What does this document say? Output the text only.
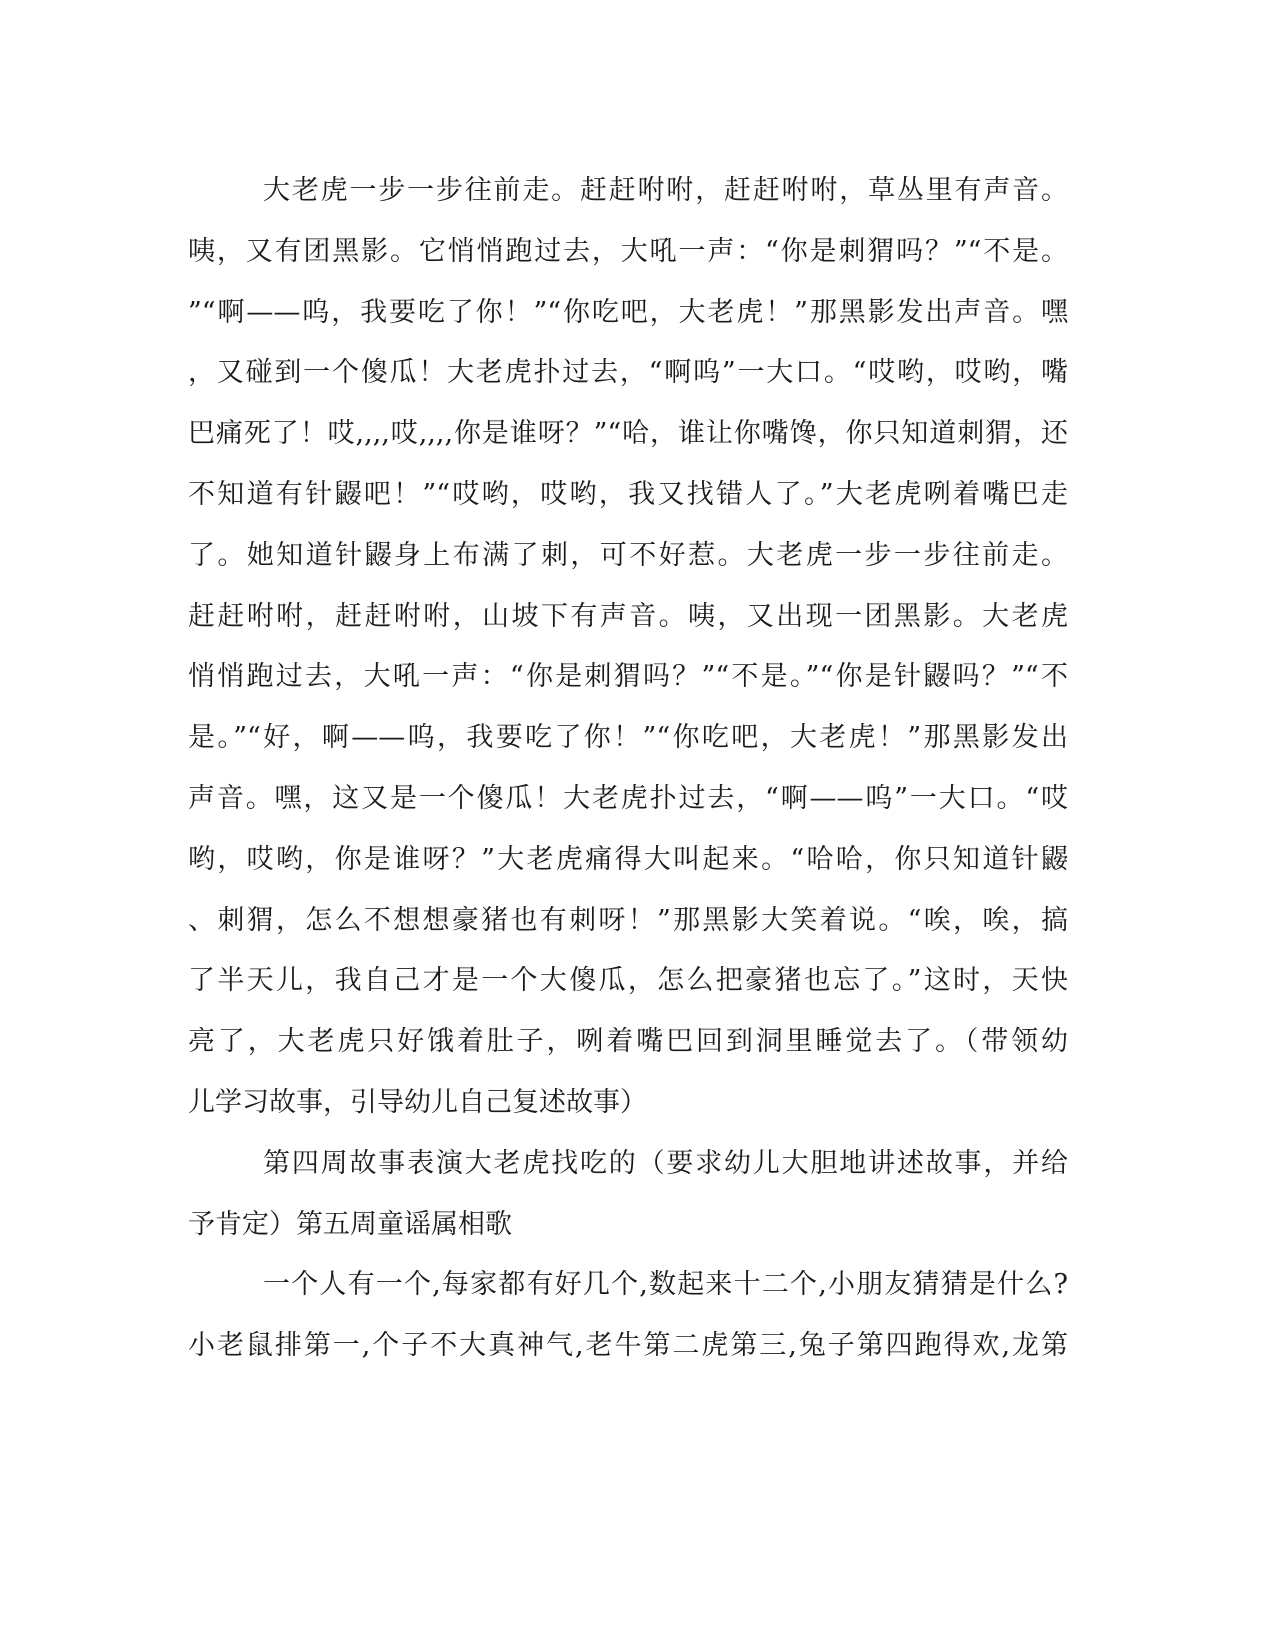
大老虎一步一步往前走。赶赶咐咐，赶赶咐咐，草丛里有声音。
咦，又有团黑影。它悄悄跑过去，大吼一声：“你是刺猬吗？”“不是。
”“啊——呜，我要吃了你！”“你吃吧，大老虎！”那黑影发出声音。嘿
，又碰到一个傻瓜！大老虎扑过去，“啊呜”一大口。“哎哟，哎哟，嘴
巴痛死了！哎,,,,哎,,,,你是谁呀？”“哈，谁让你嘴馋，你只知道刺猬，还
不知道有针鼹吧！”“哎哟，哎哟，我又找错人了。”大老虎咧着嘴巴走
了。她知道针鼹身上布满了刺，可不好惹。大老虎一步一步往前走。
赶赶咐咐，赶赶咐咐，山坡下有声音。咦，又出现一团黑影。大老虎
悄悄跑过去，大吼一声：“你是刺猬吗？”“不是。”“你是针鼹吗？”“不
是。”“好，啊——呜，我要吃了你！”“你吃吧，大老虎！”那黑影发出
声音。嘿，这又是一个傻瓜！大老虎扑过去，“啊——呜”一大口。“哎
哟，哎哟，你是谁呀？”大老虎痛得大叫起来。“哈哈，你只知道针鼹
、刺猬，怎么不想想豪猪也有刺呀！”那黑影大笑着说。“唉，唉，搞
了半天儿，我自己才是一个大傻瓜，怎么把豪猪也忘了。”这时，天快
亮了，大老虎只好饿着肚子，咧着嘴巴回到洞里睡觉去了。（带领幼
儿学习故事，引导幼儿自己复述故事）
第四周故事表演大老虎找吃的（要求幼儿大胆地讲述故事，并给
予肯定）第五周童谣属相歌
一个人有一个,每家都有好几个,数起来十二个,小朋友猜猜是什么?
小老鼠排第一,个子不大真神气,老牛第二虎第三,兔子第四跑得欢,龙第
